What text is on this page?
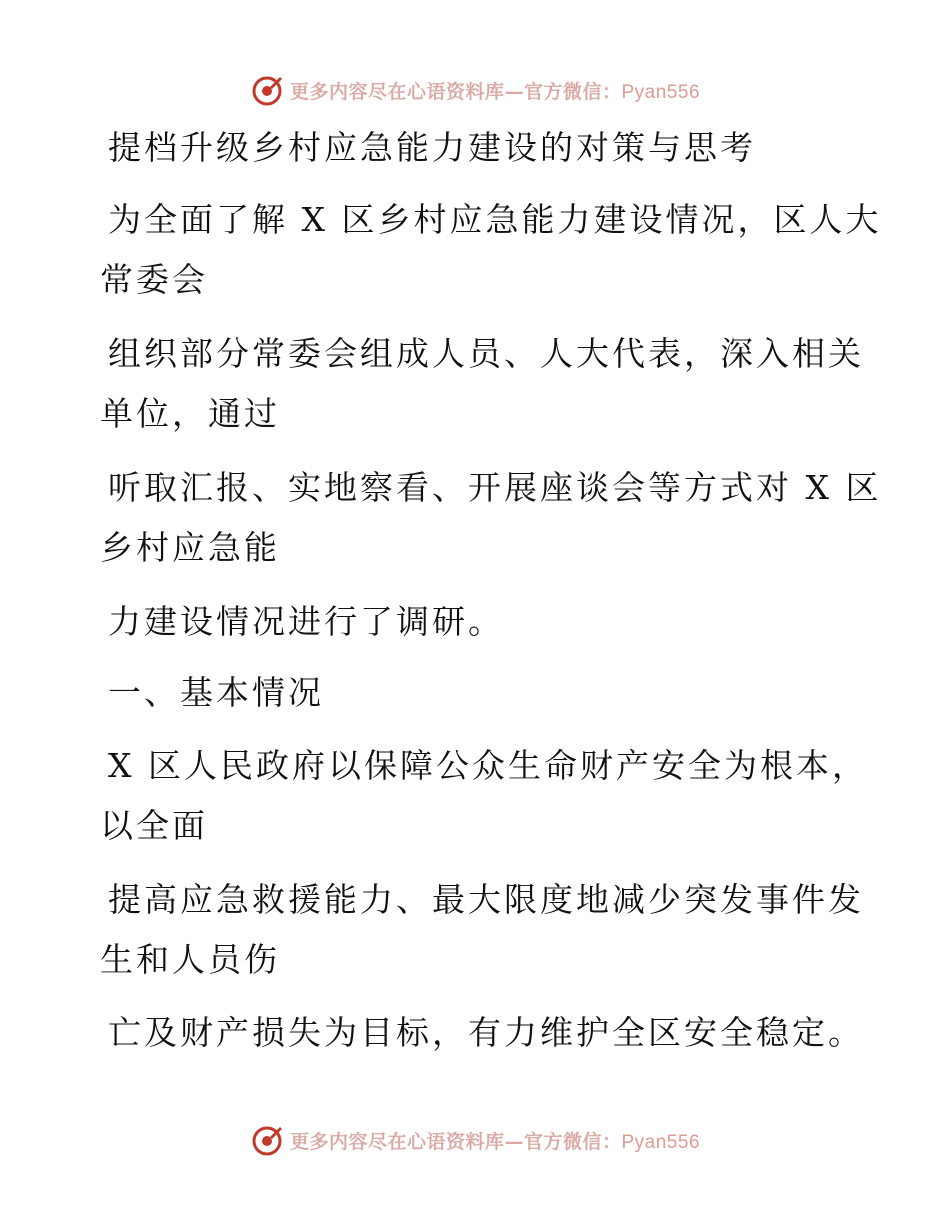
更多内容尽在心语资料库—官方微信：Pyan556
提档升级乡村应急能力建设的对策与思考
为全面了解 X 区乡村应急能力建设情况，区人大
常委会
组织部分常委会组成人员、人大代表，深入相关
单位，通过
听取汇报、实地察看、开展座谈会等方式对 X 区
乡村应急能
力建设情况进行了调研。
一、基本情况
X 区人民政府以保障公众生命财产安全为根本，
以全面
提高应急救援能力、最大限度地减少突发事件发
生和人员伤
亡及财产损失为目标，有力维护全区安全稳定。
更多内容尽在心语资料库—官方微信：Pyan556
